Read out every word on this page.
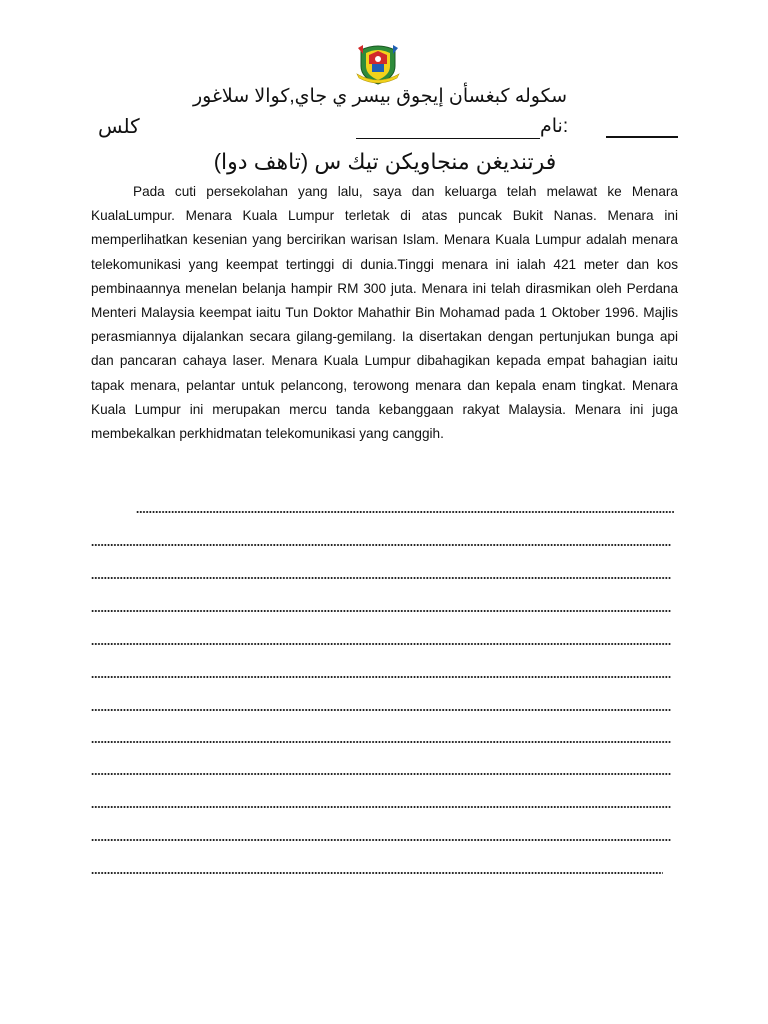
سكوله كبغسأن إيجوق بيسر ي جاي,كوالا سلاغور
كلس	:نام
فرتنديغن منجاويكن تيك س (تاهف دوا)

Pada cuti persekolahan yang lalu, saya dan keluarga telah melawat ke Menara KualaLumpur. Menara Kuala Lumpur terletak di atas puncak Bukit Nanas. Menara ini memperlihatkan kesenian yang bercirikan warisan Islam. Menara Kuala Lumpur adalah menara telekomunikasi yang keempat tertinggi di dunia.Tinggi menara ini ialah 421 meter dan kos pembinaannya menelan belanja hampir RM 300 juta. Menara ini telah dirasmikan oleh Perdana Menteri Malaysia keempat iaitu Tun Doktor Mahathir Bin Mohamad pada 1 Oktober 1996. Majlis perasmiannya dijalankan secara gilang-gemilang. Ia disertakan dengan pertunjukan bunga api dan pancaran cahaya laser. Menara Kuala Lumpur dibahagikan kepada empat bahagian iaitu tapak menara, pelantar untuk pelancong, terowong menara dan kepala enam tingkat. Menara Kuala Lumpur ini merupakan mercu tanda kebanggaan rakyat Malaysia. Menara ini juga membekalkan perkhidmatan telekomunikasi yang canggih.
